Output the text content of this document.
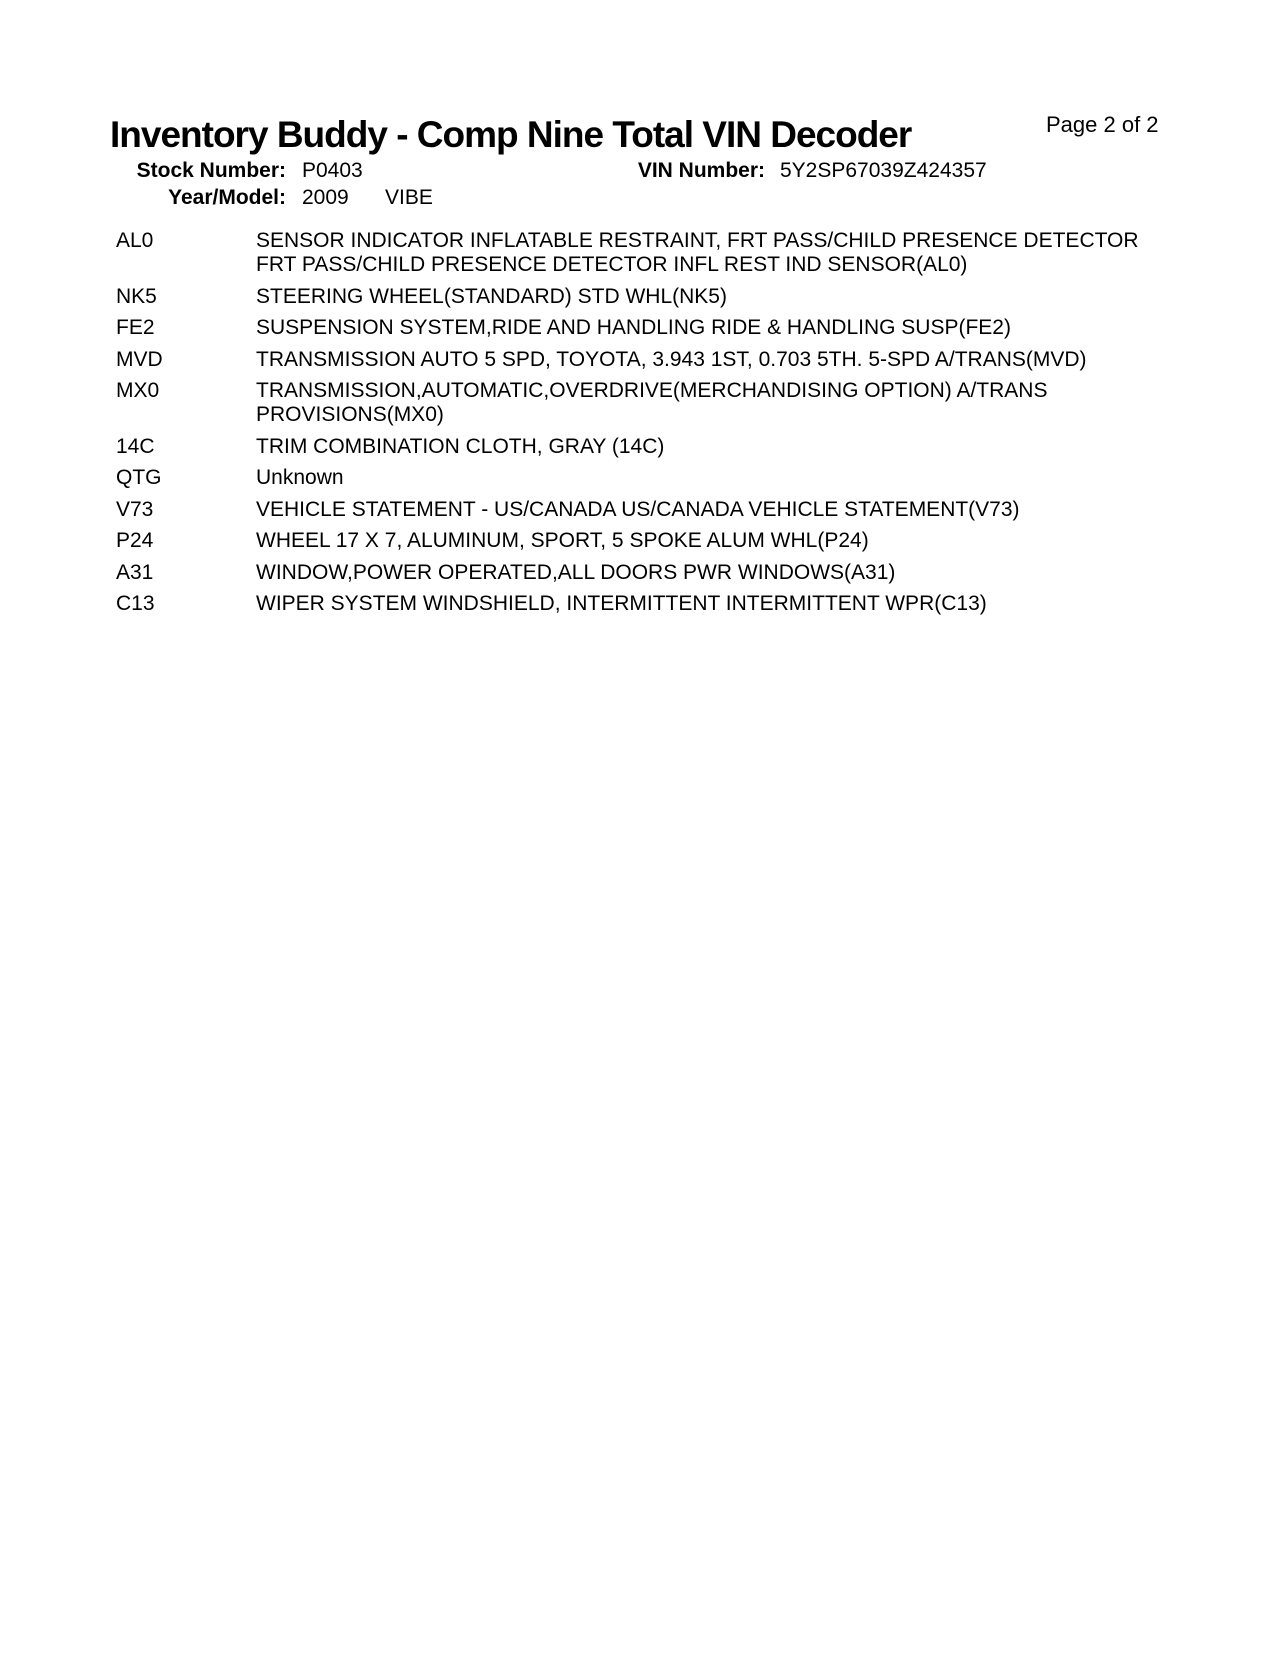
Inventory Buddy - Comp Nine Total VIN Decoder	Page 2 of 2
Stock Number: P0403	VIN Number: 5Y2SP67039Z424357
Year/Model: 2009 VIBE
AL0	SENSOR INDICATOR INFLATABLE RESTRAINT, FRT PASS/CHILD PRESENCE DETECTOR FRT PASS/CHILD PRESENCE DETECTOR INFL REST IND SENSOR(AL0)
NK5	STEERING WHEEL(STANDARD) STD WHL(NK5)
FE2	SUSPENSION SYSTEM,RIDE AND HANDLING RIDE & HANDLING SUSP(FE2)
MVD	TRANSMISSION AUTO 5 SPD, TOYOTA, 3.943 1ST, 0.703 5TH. 5-SPD A/TRANS(MVD)
MX0	TRANSMISSION,AUTOMATIC,OVERDRIVE(MERCHANDISING OPTION) A/TRANS PROVISIONS(MX0)
14C	TRIM COMBINATION CLOTH, GRAY (14C)
QTG	Unknown
V73	VEHICLE STATEMENT - US/CANADA US/CANADA VEHICLE STATEMENT(V73)
P24	WHEEL 17 X 7, ALUMINUM, SPORT, 5 SPOKE ALUM WHL(P24)
A31	WINDOW,POWER OPERATED,ALL DOORS PWR WINDOWS(A31)
C13	WIPER SYSTEM WINDSHIELD, INTERMITTENT INTERMITTENT WPR(C13)
